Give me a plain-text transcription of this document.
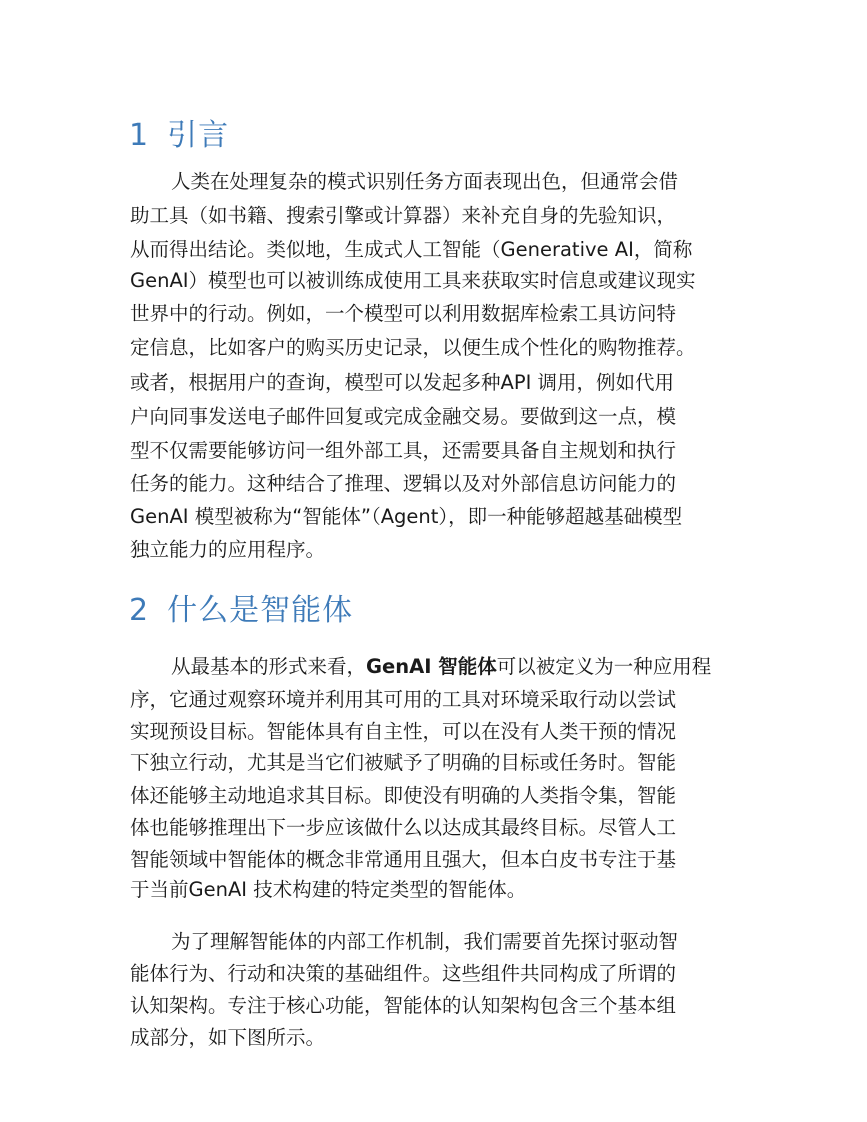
1 引言

人类在处理复杂的模式识别任务方面表现出色，但通常会借

助工具（如书籍、搜索引擎或计算器）来补充自身的先验知识，

从而得出结论。类似地，生成式人工智能（Generative AI，简称

GenAI）模型也可以被训练成使用工具来获取实时信息或建议现实

世界中的行动。例如，一个模型可以利用数据库检索工具访问特

定信息，比如客户的购买历史记录，以便生成个性化的购物推荐。

或者，根据用户的查询，模型可以发起多种API 调用，例如代用

户向同事发送电子邮件回复或完成金融交易。要做到这一点，模

型不仅需要能够访问一组外部工具，还需要具备自主规划和执行

任务的能力。这种结合了推理、逻辑以及对外部信息访问能力的

GenAI 模型被称为“智能体”（Agent），即一种能够超越基础模型

独立能力的应用程序。

2 什么是智能体

从最基本的形式来看，GenAI 智能体可以被定义为一种应用程

序，它通过观察环境并利用其可用的工具对环境采取行动以尝试

实现预设目标。智能体具有自主性，可以在没有人类干预的情况

下独立行动，尤其是当它们被赋予了明确的目标或任务时。智能

体还能够主动地追求其目标。即使没有明确的人类指令集，智能

体也能够推理出下一步应该做什么以达成其最终目标。尽管人工

智能领域中智能体的概念非常通用且强大，但本白皮书专注于基

于当前GenAI 技术构建的特定类型的智能体。

为了理解智能体的内部工作机制，我们需要首先探讨驱动智

能体行为、行动和决策的基础组件。这些组件共同构成了所谓的

认知架构。专注于核心功能，智能体的认知架构包含三个基本组

成部分，如下图所示。
